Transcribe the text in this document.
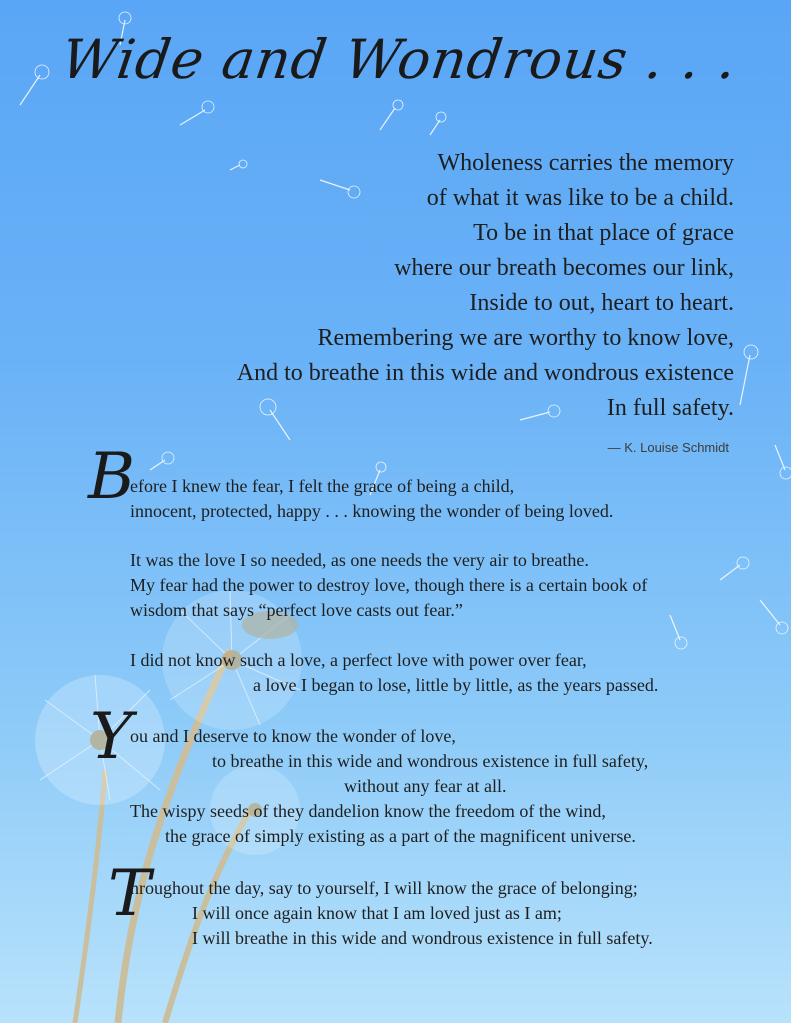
Wide and Wondrous . . .
Wholeness carries the memory
of what it was like to be a child.
To be in that place of grace
where our breath becomes our link,
Inside to out, heart to heart.
Remembering we are worthy to know love,
And to breathe in this wide and wondrous existence
In full safety.
— K. Louise Schmidt
B
efore I knew the fear, I felt the grace of being a child,
innocent, protected, happy . . . knowing the wonder of being loved.
It was the love I so needed, as one needs the very air to breathe.
My fear had the power to destroy love, though there is a certain book of
wisdom that says “perfect love casts out fear.”
I did not know such a love, a perfect love with power over fear,
a love I began to lose, little by little, as the years passed.
Y
ou and I deserve to know the wonder of love,
to breathe in this wide and wondrous existence in full safety,
without any fear at all.
The wispy seeds of they dandelion know the freedom of the wind,
the grace of simply existing as a part of the magnificent universe.
T
hroughout the day, say to yourself, I will know the grace of belonging;
I will once again know that I am loved just as I am;
I will breathe in this wide and wondrous existence in full safety.
